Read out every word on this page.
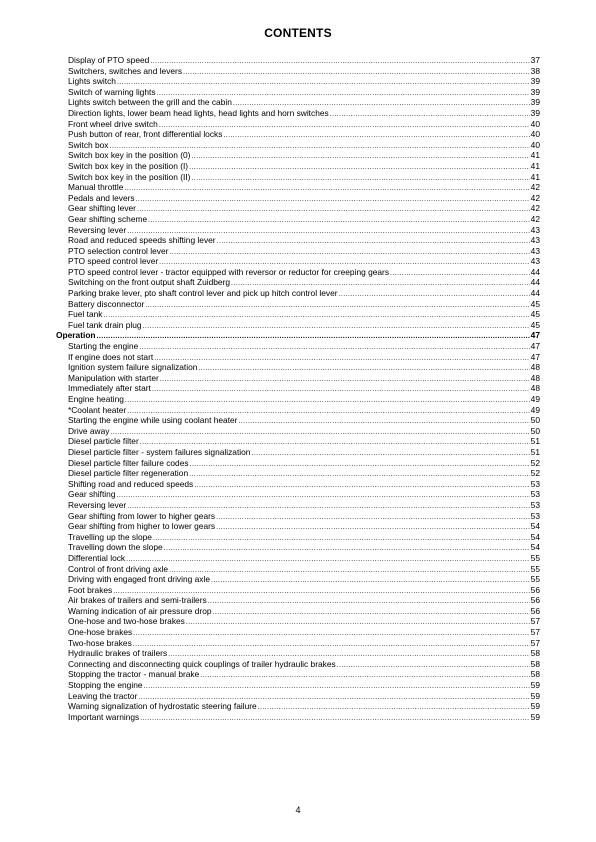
CONTENTS
Display of PTO speed .....	37
Switchers, switches and levers .....	38
Lights switch .....	39
Switch of warning lights .....	39
Lights switch between the grill and the cabin .....	39
Direction lights, lower beam head lights, head lights and horn switches .....	39
Front wheel drive switch .....	40
Push button of rear, front differential locks .....	40
Switch box .....	40
Switch box key in the position (0) .....	41
Switch box key in the position (I) .....	41
Switch box key in the position (II) .....	41
Manual throttle .....	42
Pedals and levers .....	42
Gear shifting lever .....	42
Gear shifting scheme .....	42
Reversing lever .....	43
Road and reduced speeds shifting lever .....	43
PTO selection control lever .....	43
PTO speed control lever .....	43
PTO speed control lever - tractor equipped with reversor or reductor for creeping gears .....	44
Switching on the front output shaft Zuidberg .....	44
Parking brake lever, pto shaft control lever and pick up hitch control lever .....	44
Battery disconnector .....	45
Fuel tank .....	45
Fuel tank drain plug .....	45
Operation .....	47
Starting the engine .....	47
If engine does not start .....	47
Ignition system failure signalization .....	48
Manipulation with starter .....	48
Immediately after start .....	48
Engine heating .....	49
*Coolant heater .....	49
Starting the engine while using coolant heater .....	50
Drive away .....	50
Diesel particle filter .....	51
Diesel particle filter - system failures signalization .....	51
Diesel particle filter failure codes .....	52
Diesel particle filter regeneration .....	52
Shifting road and reduced speeds .....	53
Gear shifting .....	53
Reversing lever .....	53
Gear shifting from lower to higher gears .....	53
Gear shifting from higher to lower gears .....	54
Travelling up the slope .....	54
Travelling down the slope .....	54
Differential lock .....	55
Control of front driving axle .....	55
Driving with engaged front driving axle .....	55
Foot brakes .....	56
Air brakes of trailers and semi-trailers .....	56
Warning indication of air pressure drop .....	56
One-hose and two-hose brakes .....	57
One-hose brakes .....	57
Two-hose brakes .....	57
Hydraulic brakes of trailers .....	58
Connecting and disconnecting quick couplings of trailer hydraulic brakes .....	58
Stopping the tractor - manual brake .....	58
Stopping the engine .....	59
Leaving the tractor .....	59
Warning signalization of hydrostatic steering failure .....	59
Important warnings .....	59
4
